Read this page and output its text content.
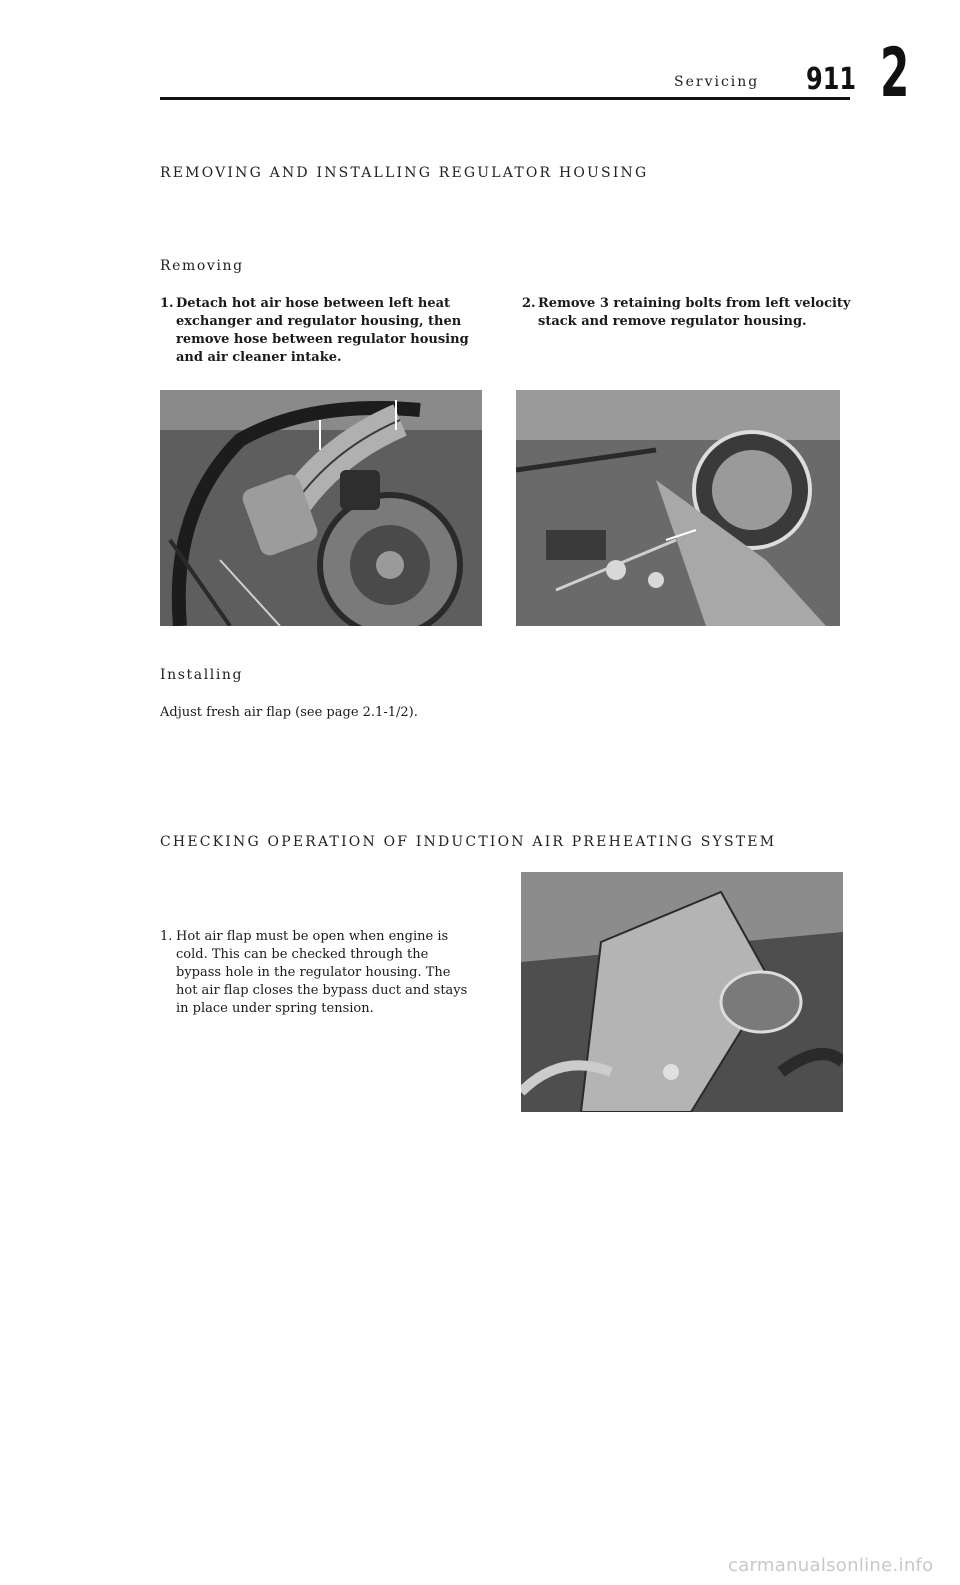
Servicing 911 2
REMOVING AND INSTALLING REGULATOR HOUSING
Removing
1. Detach hot air hose between left heat
exchanger and regulator housing, then
remove hose between regulator housing
and air cleaner intake.
2. Remove 3 retaining bolts from left velocity
stack and remove regulator housing.
Installing
Adjust fresh air flap (see page 2.1-1/2).
CHECKING OPERATION OF INDUCTION AIR PREHEATING SYSTEM
1. Hot air flap must be open when engine is
cold. This can be checked through the
bypass hole in the regulator housing. The
hot air flap closes the bypass duct and stays
in place under spring tension.
carmanualsonline.info
